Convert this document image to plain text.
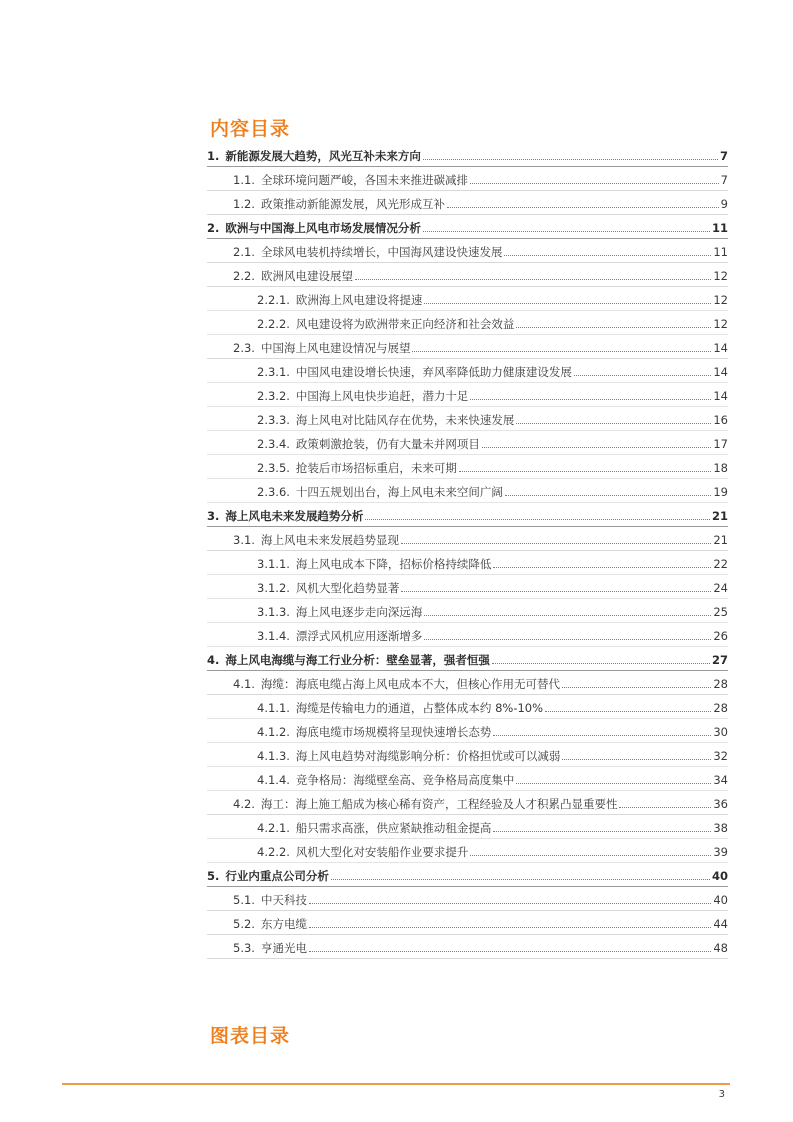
内容目录
1. 新能源发展大趋势，风光互补未来方向	7
1.1. 全球环境问题严峻，各国未来推进碳减排	7
1.2. 政策推动新能源发展，风光形成互补	9
2. 欧洲与中国海上风电市场发展情况分析	11
2.1. 全球风电装机持续增长，中国海风建设快速发展	11
2.2. 欧洲风电建设展望	12
2.2.1. 欧洲海上风电建设将提速	12
2.2.2. 风电建设将为欧洲带来正向经济和社会效益	12
2.3. 中国海上风电建设情况与展望	14
2.3.1. 中国风电建设增长快速，弃风率降低助力健康建设发展	14
2.3.2. 中国海上风电快步追赶，潜力十足	14
2.3.3. 海上风电对比陆风存在优势，未来快速发展	16
2.3.4. 政策刺激抢装，仍有大量未并网项目	17
2.3.5. 抢装后市场招标重启，未来可期	18
2.3.6. 十四五规划出台，海上风电未来空间广阔	19
3. 海上风电未来发展趋势分析	21
3.1. 海上风电未来发展趋势显现	21
3.1.1. 海上风电成本下降，招标价格持续降低	22
3.1.2. 风机大型化趋势显著	24
3.1.3. 海上风电逐步走向深远海	25
3.1.4. 漂浮式风机应用逐渐增多	26
4. 海上风电海缆与海工行业分析：壁垒显著，强者恒强	27
4.1. 海缆：海底电缆占海上风电成本不大，但核心作用无可替代	28
4.1.1. 海缆是传输电力的通道，占整体成本约 8%-10%	28
4.1.2. 海底电缆市场规模将呈现快速增长态势	30
4.1.3. 海上风电趋势对海缆影响分析：价格担忧或可以减弱	32
4.1.4. 竞争格局：海缆壁垒高、竞争格局高度集中	34
4.2. 海工：海上施工船成为核心稀有资产，工程经验及人才积累凸显重要性	36
4.2.1. 船只需求高涨，供应紧缺推动租金提高	38
4.2.2. 风机大型化对安装船作业要求提升	39
5. 行业内重点公司分析	40
5.1. 中天科技	40
5.2. 东方电缆	44
5.3. 亨通光电	48
图表目录
3
